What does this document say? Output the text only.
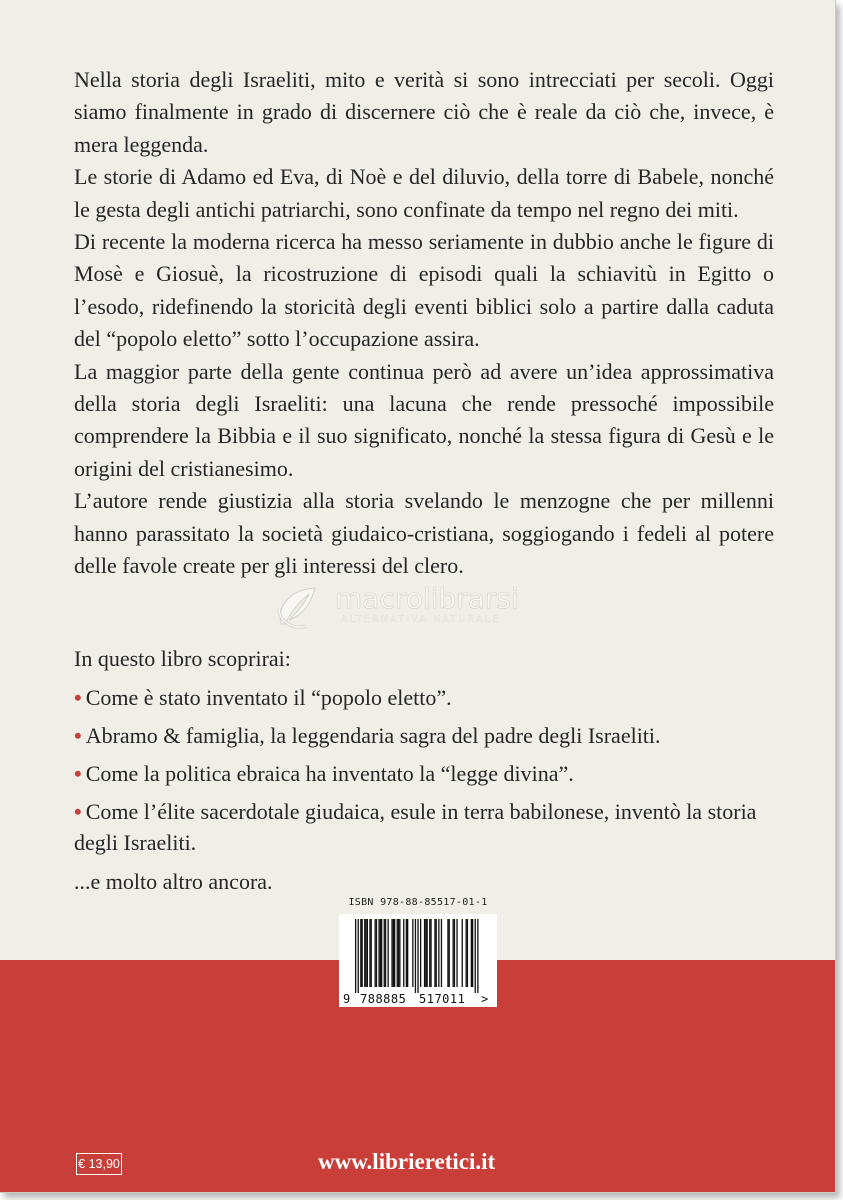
Nella storia degli Israeliti, mito e verità si sono intrecciati per secoli. Oggi siamo finalmente in grado di discernere ciò che è reale da ciò che, invece, è mera leggenda.

Le storie di Adamo ed Eva, di Noè e del diluvio, della torre di Babele, nonché le gesta degli antichi patriarchi, sono confinate da tempo nel regno dei miti.

Di recente la moderna ricerca ha messo seriamente in dubbio anche le figure di Mosè e Giosuè, la ricostruzione di episodi quali la schiavitù in Egitto o l’esodo, ridefinendo la storicità degli eventi biblici solo a partire dalla caduta del “popolo eletto” sotto l’occupazione assira.

La maggior parte della gente continua però ad avere un’idea approssimativa della storia degli Israeliti: una lacuna che rende pressoché impossibile comprendere la Bibbia e il suo significato, nonché la stessa figura di Gesù e le origini del cristianesimo.

L’autore rende giustizia alla storia svelando le menzogne che per millenni hanno parassitato la società giudaico-cristiana, soggiogando i fedeli al potere delle favole create per gli interessi del clero.

macrolibrarsi
ALTERNATIVA NATURALE

In questo libro scoprirai:

• Come è stato inventato il “popolo eletto”.
• Abramo & famiglia, la leggendaria sagra del padre degli Israeliti.
• Come la politica ebraica ha inventato la “legge divina”.
• Come l’élite sacerdotale giudaica, esule in terra babilonese, inventò la storia degli Israeliti.

...e molto altro ancora.

ISBN 978-88-85517-01-1
9 788885 517011 >
€ 13,90	www.librieretici.it
